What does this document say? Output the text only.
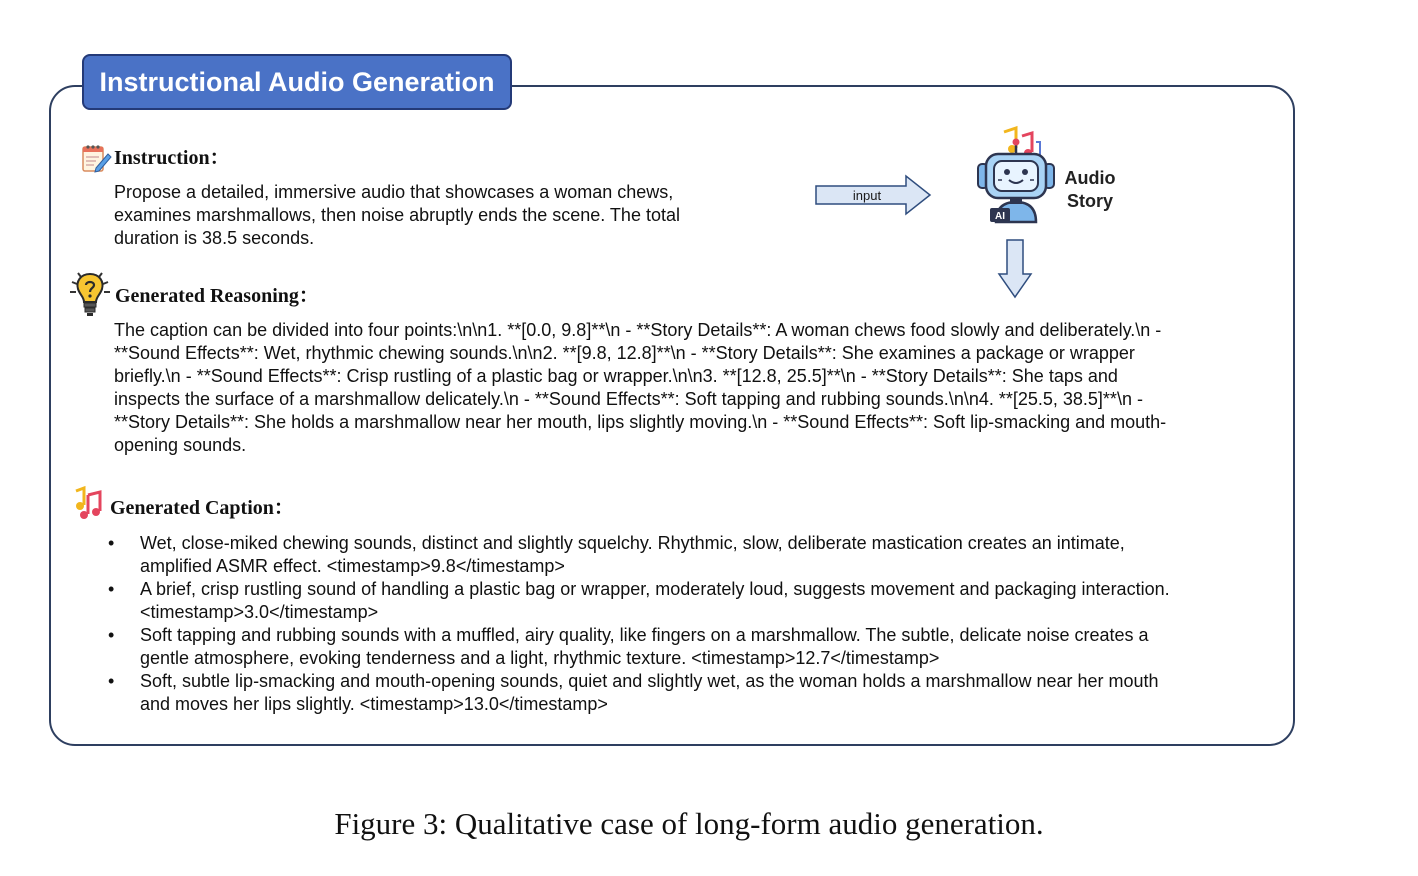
Instructional Audio Generation
Instruction：
Propose a detailed, immersive audio that showcases a woman chews,
examines marshmallows, then noise abruptly ends the scene. The total
duration is 38.5 seconds.
input
AI
Audio
Story
Generated Reasoning：
The caption can be divided into four points:\n\n1. **[0.0, 9.8]**\n - **Story Details**: A woman chews food slowly and deliberately.\n -
**Sound Effects**: Wet, rhythmic chewing sounds.\n\n2. **[9.8, 12.8]**\n - **Story Details**: She examines a package or wrapper
briefly.\n - **Sound Effects**: Crisp rustling of a plastic bag or wrapper.\n\n3. **[12.8, 25.5]**\n - **Story Details**: She taps and
inspects the surface of a marshmallow delicately.\n - **Sound Effects**: Soft tapping and rubbing sounds.\n\n4. **[25.5, 38.5]**\n -
**Story Details**: She holds a marshmallow near her mouth, lips slightly moving.\n - **Sound Effects**: Soft lip-smacking and mouth-
opening sounds.
Generated Caption：
•	Wet, close-miked chewing sounds, distinct and slightly squelchy. Rhythmic, slow, deliberate mastication creates an intimate,
amplified ASMR effect. <timestamp>9.8</timestamp>
•	A brief, crisp rustling sound of handling a plastic bag or wrapper, moderately loud, suggests movement and packaging interaction.
<timestamp>3.0</timestamp>
•	Soft tapping and rubbing sounds with a muffled, airy quality, like fingers on a marshmallow. The subtle, delicate noise creates a
gentle atmosphere, evoking tenderness and a light, rhythmic texture. <timestamp>12.7</timestamp>
•	Soft, subtle lip-smacking and mouth-opening sounds, quiet and slightly wet, as the woman holds a marshmallow near her mouth
and moves her lips slightly. <timestamp>13.0</timestamp>
Figure 3: Qualitative case of long-form audio generation.
